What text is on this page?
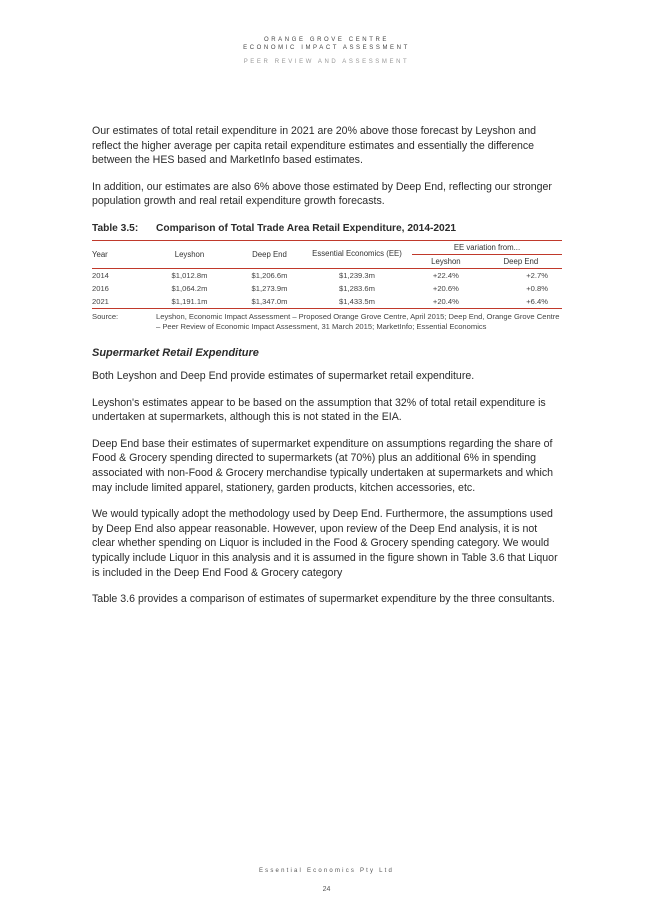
ORANGE GROVE CENTRE
ECONOMIC IMPACT ASSESSMENT
PEER REVIEW AND ASSESSMENT

Our estimates of total retail expenditure in 2021 are 20% above those forecast by Leyshon and reflect the higher average per capita retail expenditure estimates and essentially the difference between the HES based and MarketInfo based estimates.

In addition, our estimates are also 6% above those estimated by Deep End, reflecting our stronger population growth and real retail expenditure growth forecasts.

Table 3.5:	Comparison of Total Trade Area Retail Expenditure, 2014-2021
Year	Leyshon	Deep End	Essential Economics (EE)	EE variation from...	
				Leyshon	Deep End
2014	$1,012.8m	$1,206.6m	$1,239.3m	+22.4%	+2.7%
2016	$1,064.2m	$1,273.9m	$1,283.6m	+20.6%	+0.8%
2021	$1,191.1m	$1,347.0m	$1,433.5m	+20.4%	+6.4%
Source:	Leyshon, Economic Impact Assessment – Proposed Orange Grove Centre, April 2015; Deep End, Orange Grove Centre – Peer Review of Economic Impact Assessment, 31 March 2015; MarketInfo; Essential Economics
Supermarket Retail Expenditure

Both Leyshon and Deep End provide estimates of supermarket retail expenditure.

Leyshon's estimates appear to be based on the assumption that 32% of total retail expenditure is undertaken at supermarkets, although this is not stated in the EIA.

Deep End base their estimates of supermarket expenditure on assumptions regarding the share of Food & Grocery spending directed to supermarkets (at 70%) plus an additional 6% in spending associated with non-Food & Grocery merchandise typically undertaken at supermarkets and which may include limited apparel, stationery, garden products, kitchen accessories, etc.

We would typically adopt the methodology used by Deep End. Furthermore, the assumptions used by Deep End also appear reasonable. However, upon review of the Deep End analysis, it is not clear whether spending on Liquor is included in the Food & Grocery spending category. We would typically include Liquor in this analysis and it is assumed in the figure shown in Table 3.6 that Liquor is included in the Deep End Food & Grocery category

Table 3.6 provides a comparison of estimates of supermarket expenditure by the three consultants.

Essential Economics Pty Ltd
24
